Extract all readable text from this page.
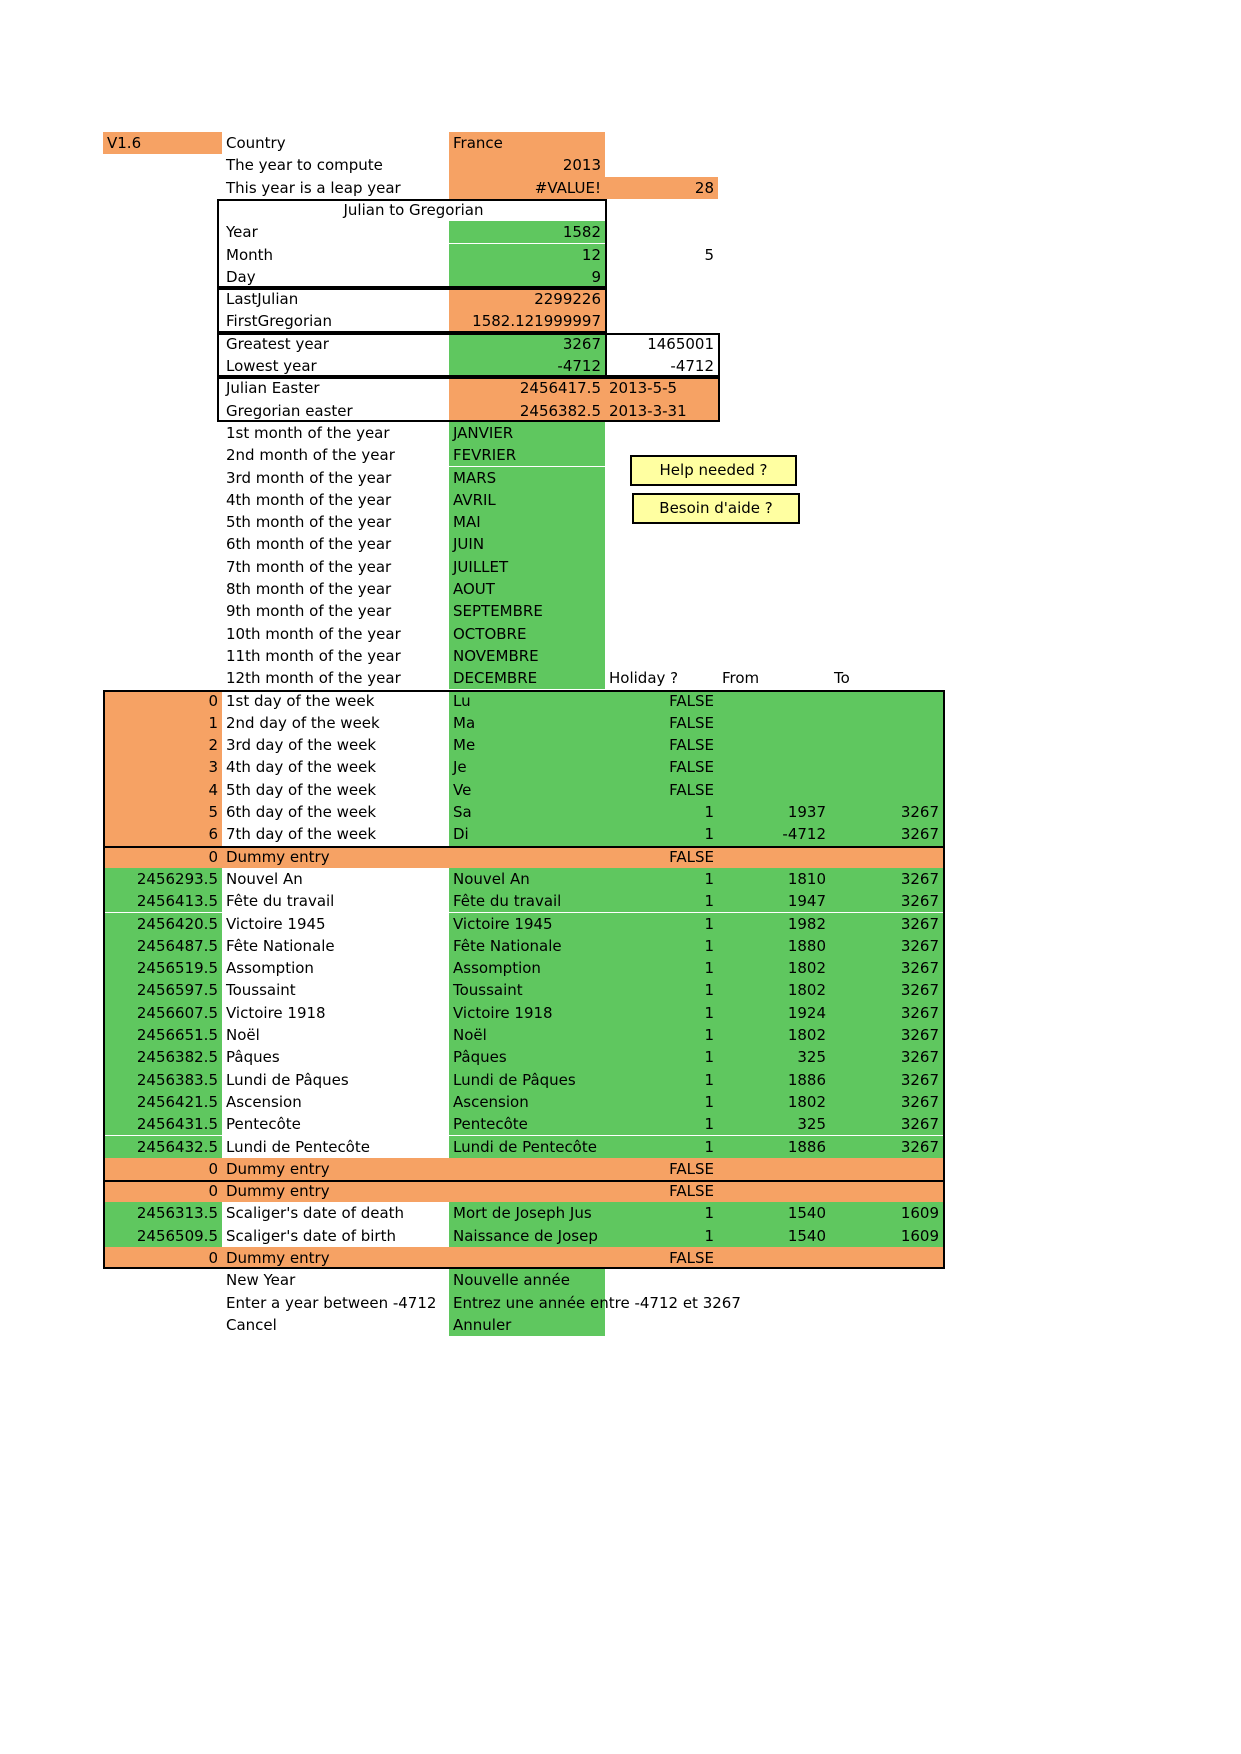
Help needed ?
Besoin d'aide ?
V1.6	Country	France
The year to compute	2013
This year is a leap year	#VALUE!	28
Julian to Gregorian
Year	1582
Month	12	5
Day	9
LastJulian	2299226
FirstGregorian	1582.121999997
Greatest year	3267	1465001
Lowest year	-4712	-4712
Julian Easter	2456417.5 2013-5-5
Gregorian easter	2456382.5 2013-3-31
1st month of the year	JANVIER
2nd month of the year	FEVRIER
3rd month of the year	MARS
4th month of the year	AVRIL
5th month of the year	MAI
6th month of the year	JUIN
7th month of the year	JUILLET
8th month of the year	AOUT
9th month of the year	SEPTEMBRE
10th month of the year	OCTOBRE
11th month of the year	NOVEMBRE
12th month of the year	DECEMBRE	Holiday ?	From	To
0 1st day of the week	Lu	FALSE
1 2nd day of the week	Ma	FALSE
2 3rd day of the week	Me	FALSE
3 4th day of the week	Je	FALSE
4 5th day of the week	Ve	FALSE
5 6th day of the week	Sa	1	1937	3267
6 7th day of the week	Di	1	-4712	3267
0 Dummy entry	FALSE
2456293.5 Nouvel An	Nouvel An	1	1810	3267
2456413.5 Fête du travail	Fête du travail	1	1947	3267
2456420.5 Victoire 1945	Victoire 1945	1	1982	3267
2456487.5 Fête Nationale	Fête Nationale	1	1880	3267
2456519.5 Assomption	Assomption	1	1802	3267
2456597.5 Toussaint	Toussaint	1	1802	3267
2456607.5 Victoire 1918	Victoire 1918	1	1924	3267
2456651.5 Noël	Noël	1	1802	3267
2456382.5 Pâques	Pâques	1	325	3267
2456383.5 Lundi de Pâques	Lundi de Pâques	1	1886	3267
2456421.5 Ascension	Ascension	1	1802	3267
2456431.5 Pentecôte	Pentecôte	1	325	3267
2456432.5 Lundi de Pentecôte	Lundi de Pentecôte	1	1886	3267
0 Dummy entry	FALSE
0 Dummy entry	FALSE
2456313.5 Scaliger's date of death	Mort de Joseph Jus	1	1540	1609
2456509.5 Scaliger's date of birth	Naissance de Josep	1	1540	1609
0 Dummy entry	FALSE
New Year	Nouvelle année
Enter a year between -4712	Entrez une année entre -4712 et 3267
Cancel	Annuler
